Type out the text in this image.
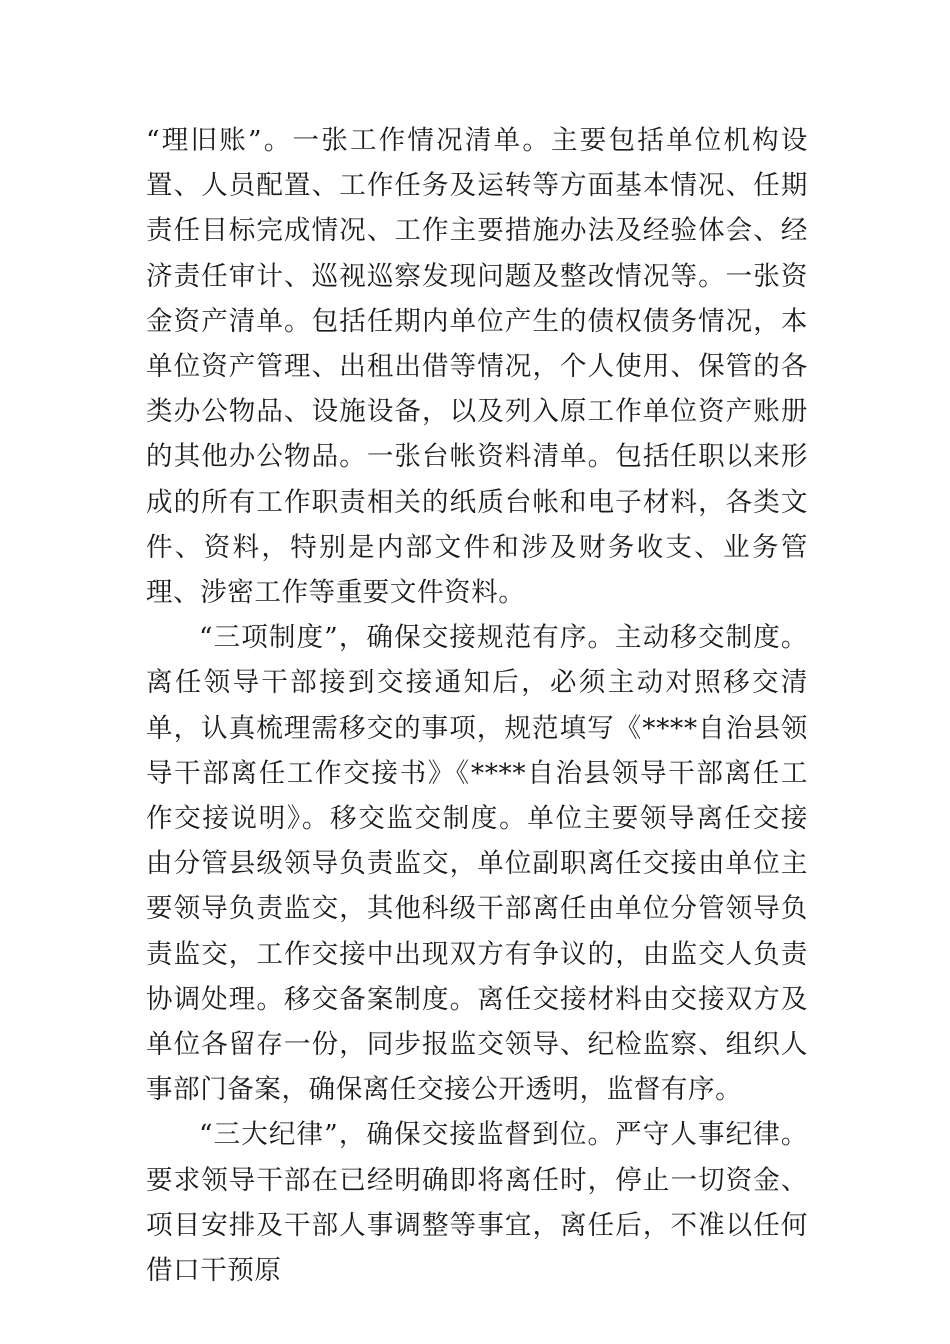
“理旧账”。一张工作情况清单。主要包括单位机构设置、人员配置、工作任务及运转等方面基本情况、任期责任目标完成情况、工作主要措施办法及经验体会、经济责任审计、巡视巡察发现问题及整改情况等。一张资金资产清单。包括任期内单位产生的债权债务情况，本单位资产管理、出租出借等情况，个人使用、保管的各类办公物品、设施设备，以及列入原工作单位资产账册的其他办公物品。一张台帐资料清单。包括任职以来形成的所有工作职责相关的纸质台帐和电子材料，各类文件、资料，特别是内部文件和涉及财务收支、业务管理、涉密工作等重要文件资料。

“三项制度”，确保交接规范有序。主动移交制度。离任领导干部接到交接通知后，必须主动对照移交清单，认真梳理需移交的事项，规范填写《****自治县领导干部离任工作交接书》《****自治县领导干部离任工作交接说明》。移交监交制度。单位主要领导离任交接由分管县级领导负责监交，单位副职离任交接由单位主要领导负责监交，其他科级干部离任由单位分管领导负责监交，工作交接中出现双方有争议的，由监交人负责协调处理。移交备案制度。离任交接材料由交接双方及单位各留存一份，同步报监交领导、纪检监察、组织人事部门备案，确保离任交接公开透明，监督有序。

“三大纪律”，确保交接监督到位。严守人事纪律。要求领导干部在已经明确即将离任时，停止一切资金、项目安排及干部人事调整等事宜，离任后，不准以任何借口干预原
